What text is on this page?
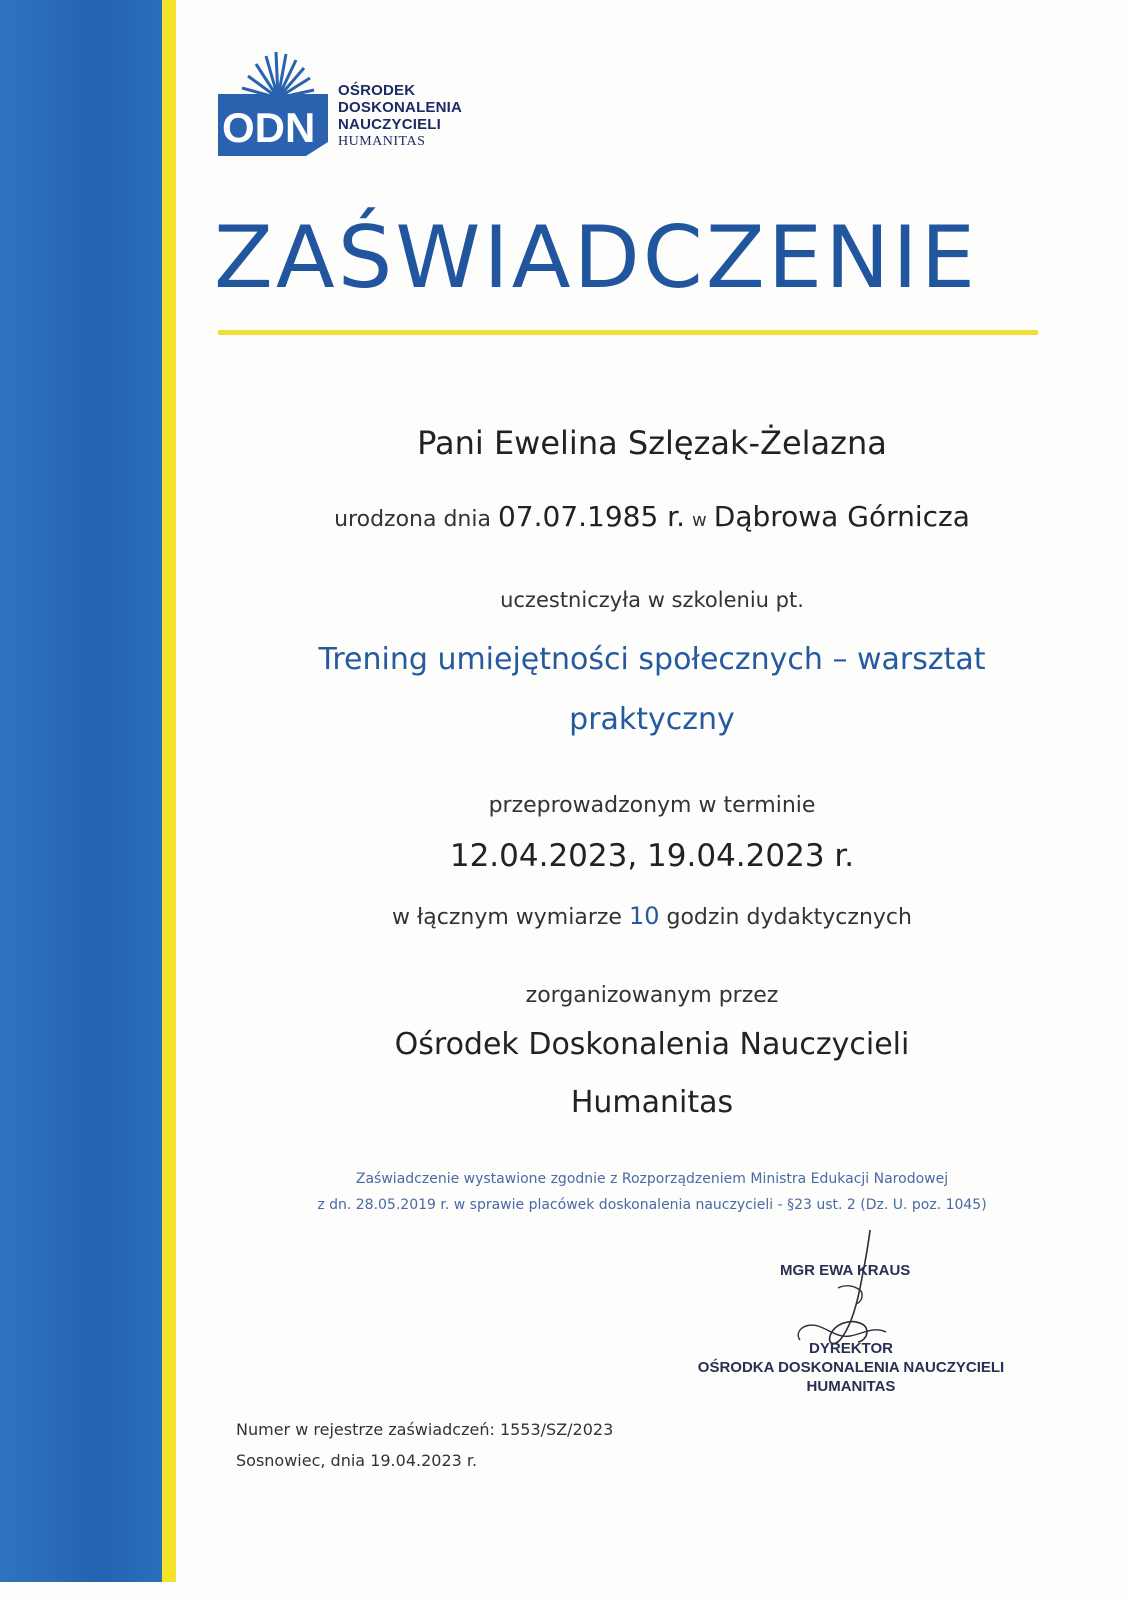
ODN
OŚRODEK
DOSKONALENIA
NAUCZYCIELI
HUMANITAS
ZAŚWIADCZENIE
Pani Ewelina Szlęzak-Żelazna
urodzona dnia 07.07.1985 r. w Dąbrowa Górnicza
uczestniczyła w szkoleniu pt.
Trening umiejętności społecznych – warsztat
praktyczny
przeprowadzonym w terminie
12.04.2023, 19.04.2023 r.
w łącznym wymiarze 10 godzin dydaktycznych
zorganizowanym przez
Ośrodek Doskonalenia Nauczycieli
Humanitas
Zaświadczenie wystawione zgodnie z Rozporządzeniem Ministra Edukacji Narodowej
z dn. 28.05.2019 r. w sprawie placówek doskonalenia nauczycieli - §23 ust. 2 (Dz. U. poz. 1045)
MGR EWA KRAUS
DYREKTOR
OŚRODKA DOSKONALENIA NAUCZYCIELI
HUMANITAS
Numer w rejestrze zaświadczeń: 1553/SZ/2023
Sosnowiec, dnia 19.04.2023 r.
